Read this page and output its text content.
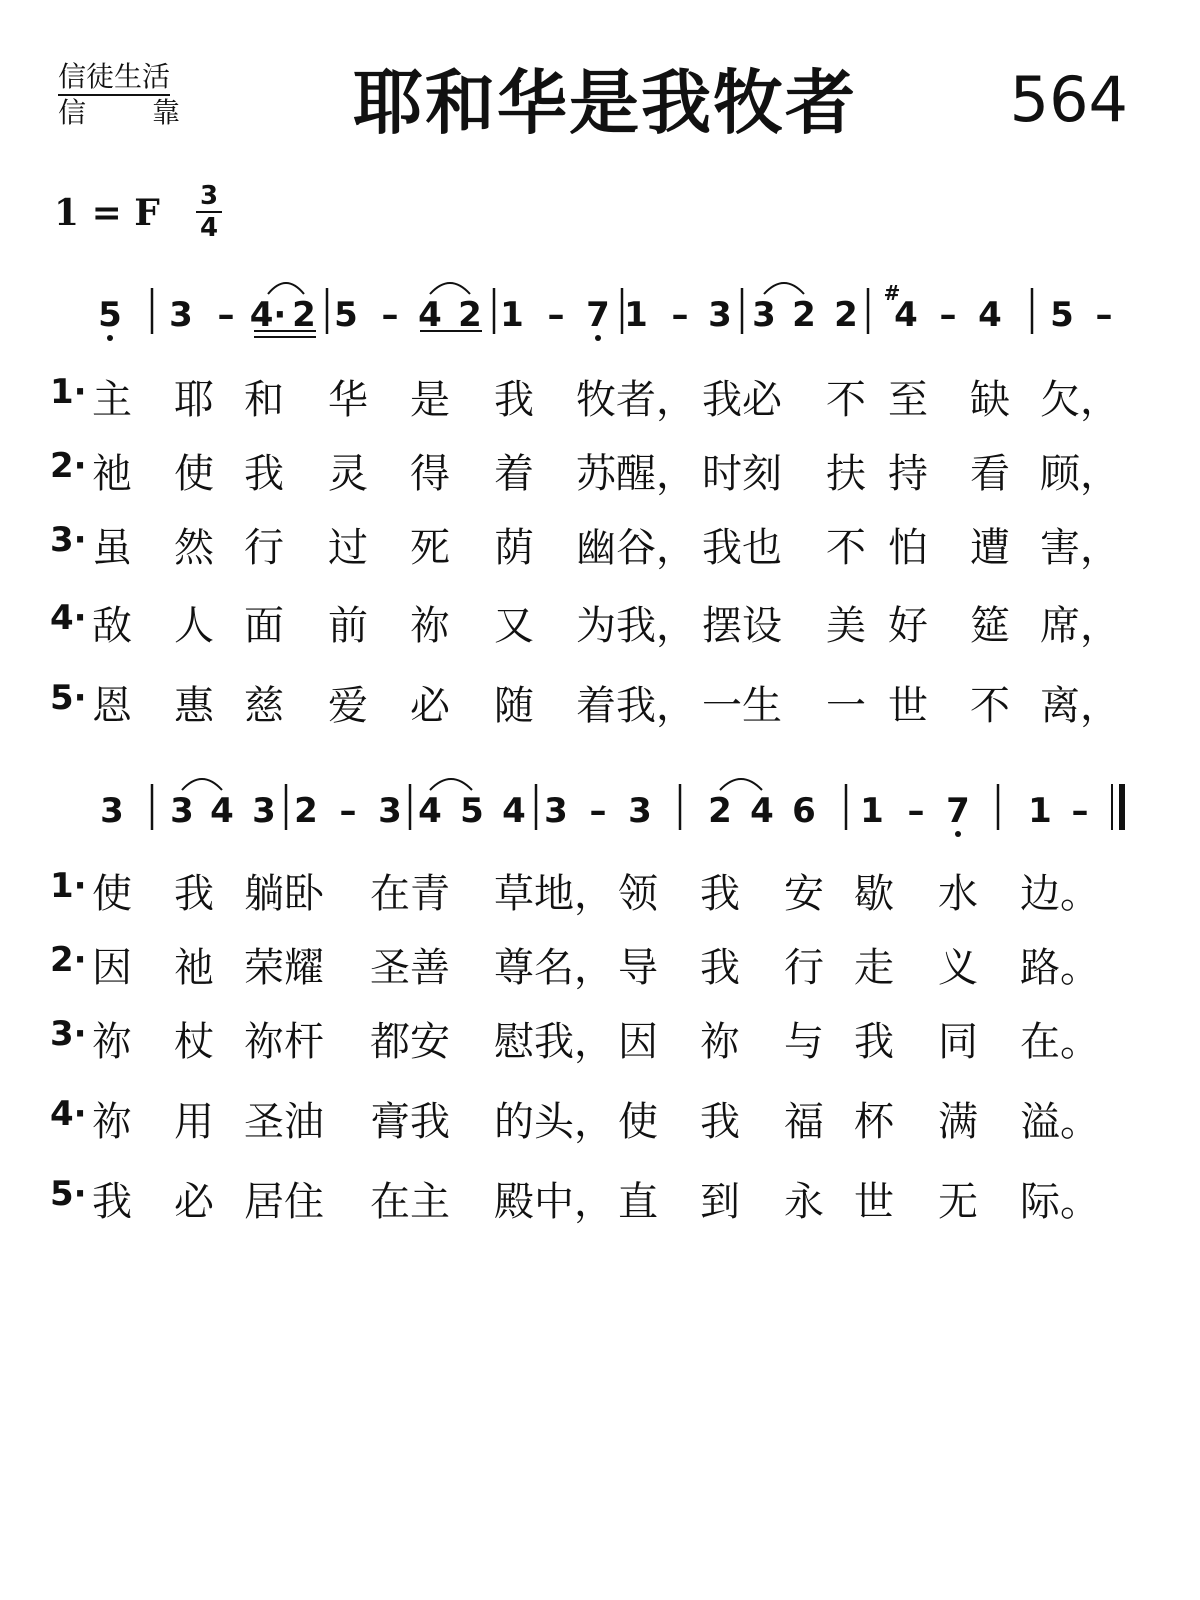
信徒生活
信 靠	耶和华是我牧者	564
1 = F 3
4
5 3 – 4· 2 5 – 4 2 1 – 7 1 – 3 3 2 2 4
#
– 4 5 –
1· 主 耶 和 华 是 我 牧者， 我必 不 至 缺 欠，
2· 祂 使 我 灵 得 着 苏醒， 时刻 扶 持 看 顾，
3· 虽 然 行 过 死 荫 幽谷， 我也 不 怕 遭 害，
4· 敌 人 面 前 祢 又 为我， 摆设 美 好 筵 席，
5· 恩 惠 慈 爱 必 随 着我， 一生 一 世 不 离，
3 3 4 3 2 – 3 4 5 4 3 – 3 2 4 6 1 – 7 1 –
1· 使 我 躺卧 在青 草地， 领 我 安 歇 水 边。
2· 因 祂 荣耀 圣善 尊名， 导 我 行 走 义 路。
3· 祢 杖 祢杆 都安 慰我， 因 祢 与 我 同 在。
4· 祢 用 圣油 膏我 的头， 使 我 福 杯 满 溢。
5· 我 必 居住 在主 殿中， 直 到 永 世 无 际。
